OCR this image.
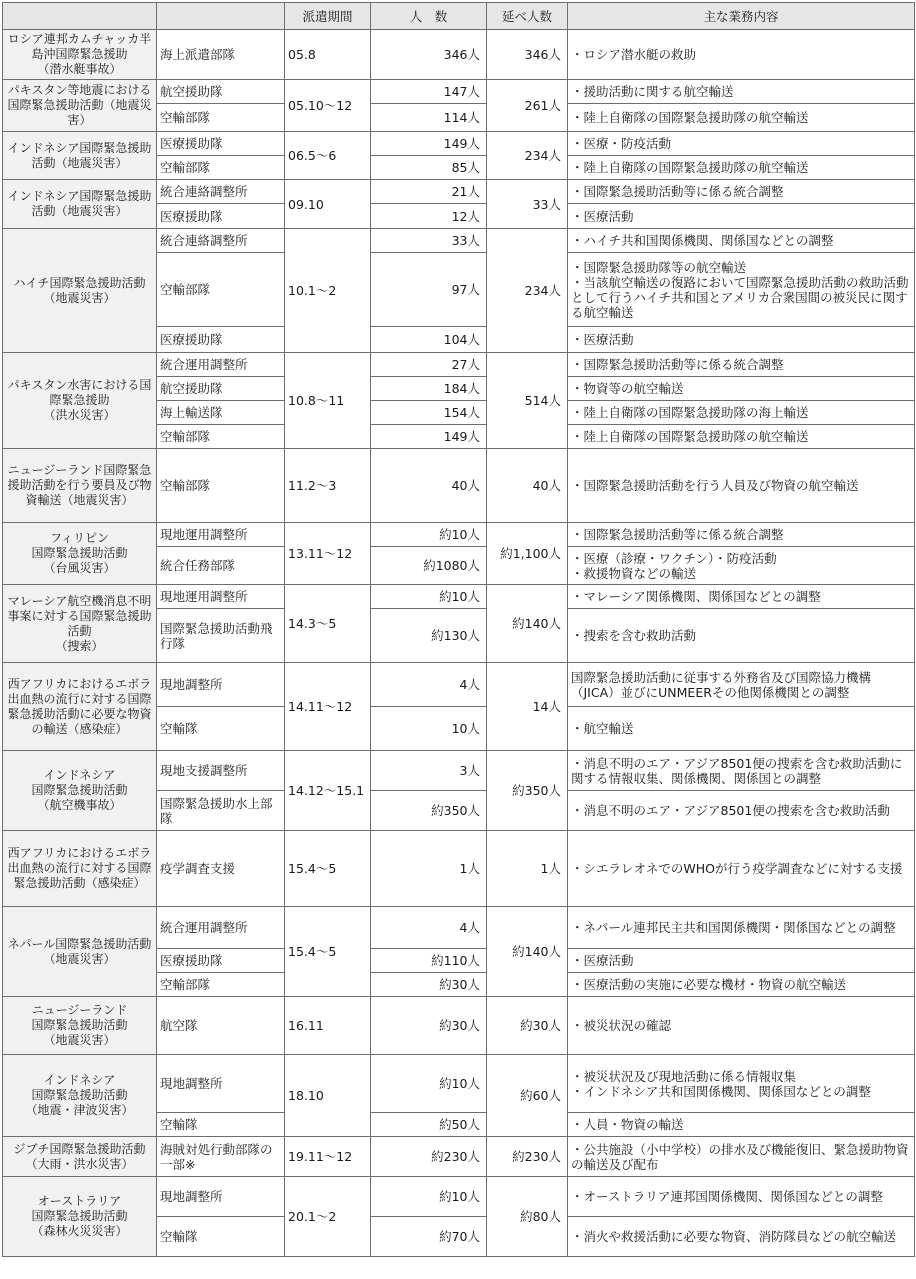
		派遣期間	人　数	延べ人数	主な業務内容
ロシア連邦カムチャッカ半島沖国際緊急援助
（潜水艇事故）	海上派遣部隊	05.8	346人	346人	・ロシア潜水艇の救助
パキスタン等地震における国際緊急援助活動（地震災害）	航空援助隊	05.10～12	147人	261人	・援助活動に関する航空輸送
	空輸部隊		114人		・陸上自衛隊の国際緊急援助隊の航空輸送
インドネシア国際緊急援助活動（地震災害）	医療援助隊	06.5～6	149人	234人	・医療・防疫活動
	空輸部隊		85人		・陸上自衛隊の国際緊急援助隊の航空輸送
インドネシア国際緊急援助活動（地震災害）	統合連絡調整所	09.10	21人	33人	・国際緊急援助活動等に係る統合調整
	医療援助隊		12人		・医療活動
ハイチ国際緊急援助活動（地震災害）	統合連絡調整所	10.1～2	33人	234人	・ハイチ共和国関係機関、関係国などとの調整
	空輸部隊		97人		・国際緊急援助隊等の航空輸送
・当該航空輸送の復路において国際緊急援助活動の救助活動として行うハイチ共和国とアメリカ合衆国間の被災民に関する航空輸送
	医療援助隊		104人		・医療活動
パキスタン水害における国際緊急援助
（洪水災害）	統合運用調整所	10.8～11	27人	514人	・国際緊急援助活動等に係る統合調整
	航空援助隊		184人		・物資等の航空輸送
	海上輸送隊		154人		・陸上自衛隊の国際緊急援助隊の海上輸送
	空輸部隊		149人		・陸上自衛隊の国際緊急援助隊の航空輸送
ニュージーランド国際緊急援助活動を行う要員及び物資輸送（地震災害）	空輸部隊	11.2～3	40人	40人	・国際緊急援助活動を行う人員及び物資の航空輸送
フィリピン
国際緊急援助活動
（台風災害）	現地運用調整所	13.11～12	約10人	約1,100人	・国際緊急援助活動等に係る統合調整
	統合任務部隊		約1080人		・医療（診療・ワクチン）・防疫活動
・救援物資などの輸送
マレーシア航空機消息不明事案に対する国際緊急援助活動
（捜索）	現地運用調整所	14.3～5	約10人	約140人	・マレーシア関係機関、関係国などとの調整
	国際緊急援助活動飛行隊		約130人		・捜索を含む救助活動
西アフリカにおけるエボラ出血熱の流行に対する国際緊急援助活動に必要な物資の輸送（感染症）	現地調整所	14.11～12	4人	14人	国際緊急援助活動に従事する外務省及び国際協力機構（JICA）並びにUNMEERその他関係機関との調整
	空輸隊		10人		・航空輸送
インドネシア
国際緊急援助活動
（航空機事故）	現地支援調整所	14.12～15.1	3人	約350人	・消息不明のエア・アジア8501便の捜索を含む救助活動に関する情報収集、関係機関、関係国との調整
	国際緊急援助水上部隊		約350人		・消息不明のエア・アジア8501便の捜索を含む救助活動
西アフリカにおけるエボラ出血熱の流行に対する国際緊急援助活動（感染症）	疫学調査支援	15.4～5	1人	1人	・シエラレオネでのWHOが行う疫学調査などに対する支援
ネパール国際緊急援助活動
（地震災害）	統合運用調整所	15.4～5	4人	約140人	・ネパール連邦民主共和国関係機関・関係国などとの調整
	医療援助隊		約110人		・医療活動
	空輸部隊		約30人		・医療活動の実施に必要な機材・物資の航空輸送
ニュージーランド
国際緊急援助活動
（地震災害）	航空隊	16.11	約30人	約30人	・被災状況の確認
インドネシア
国際緊急援助活動
（地震・津波災害）	現地調整所	18.10	約10人	約60人	・被災状況及び現地活動に係る情報収集
・インドネシア共和国関係機関、関係国などとの調整
	空輸隊		約50人		・人員・物資の輸送
ジブチ国際緊急援助活動（大雨・洪水災害）	海賊対処行動部隊の一部※	19.11～12	約230人	約230人	・公共施設（小中学校）の排水及び機能復旧、緊急援助物資の輸送及び配布
オーストラリア
国際緊急援助活動
（森林火災災害）	現地調整所	20.1～2	約10人	約80人	・オーストラリア連邦国関係機関、関係国などとの調整
	空輸隊		約70人		・消火や救援活動に必要な物資、消防隊員などの航空輸送
